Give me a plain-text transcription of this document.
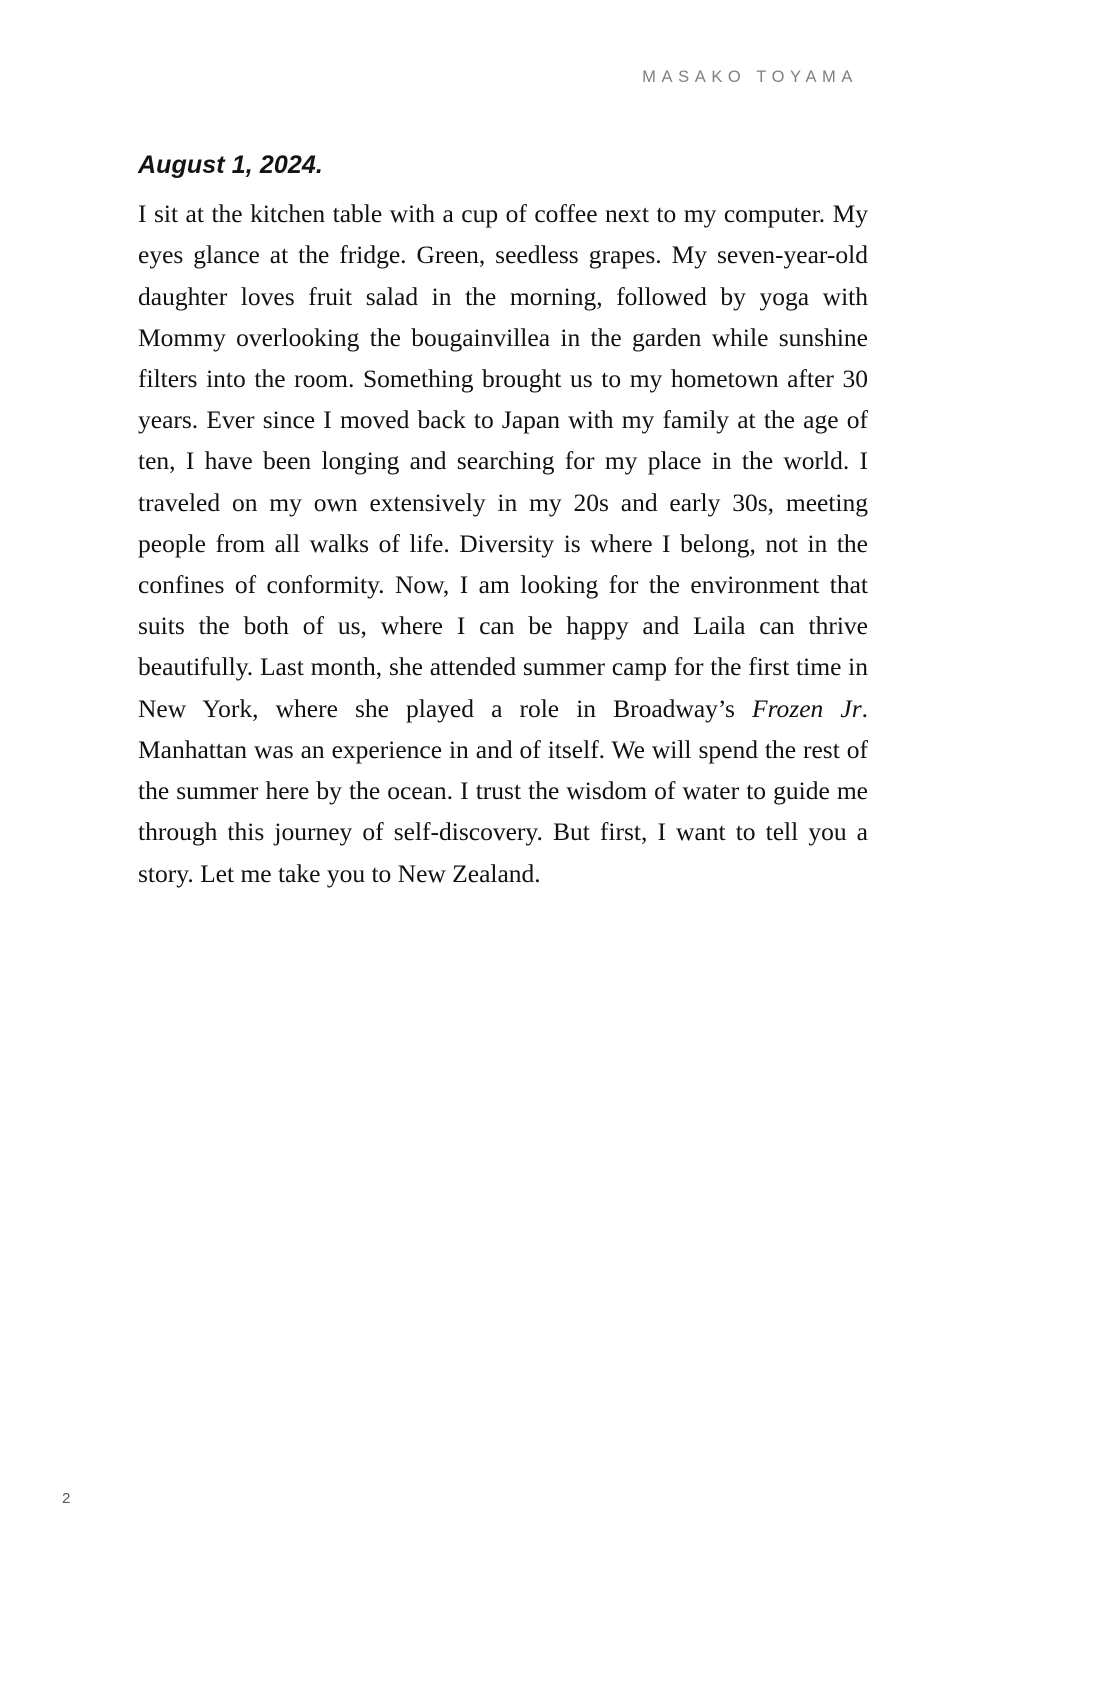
MASAKO TOYAMA
August 1, 2024.

I sit at the kitchen table with a cup of coffee next to my computer. My eyes glance at the fridge. Green, seedless grapes. My seven-year-old daughter loves fruit salad in the morning, followed by yoga with Mommy overlooking the bougainvillea in the garden while sunshine filters into the room. Something brought us to my hometown after 30 years. Ever since I moved back to Japan with my family at the age of ten, I have been longing and searching for my place in the world. I traveled on my own extensively in my 20s and early 30s, meeting people from all walks of life. Diversity is where I belong, not in the confines of conformity. Now, I am looking for the environment that suits the both of us, where I can be happy and Laila can thrive beautifully. Last month, she attended summer camp for the first time in New York, where she played a role in Broadway’s Frozen Jr. Manhattan was an experience in and of itself. We will spend the rest of the summer here by the ocean. I trust the wisdom of water to guide me through this journey of self-discovery. But first, I want to tell you a story. Let me take you to New Zealand.

2
